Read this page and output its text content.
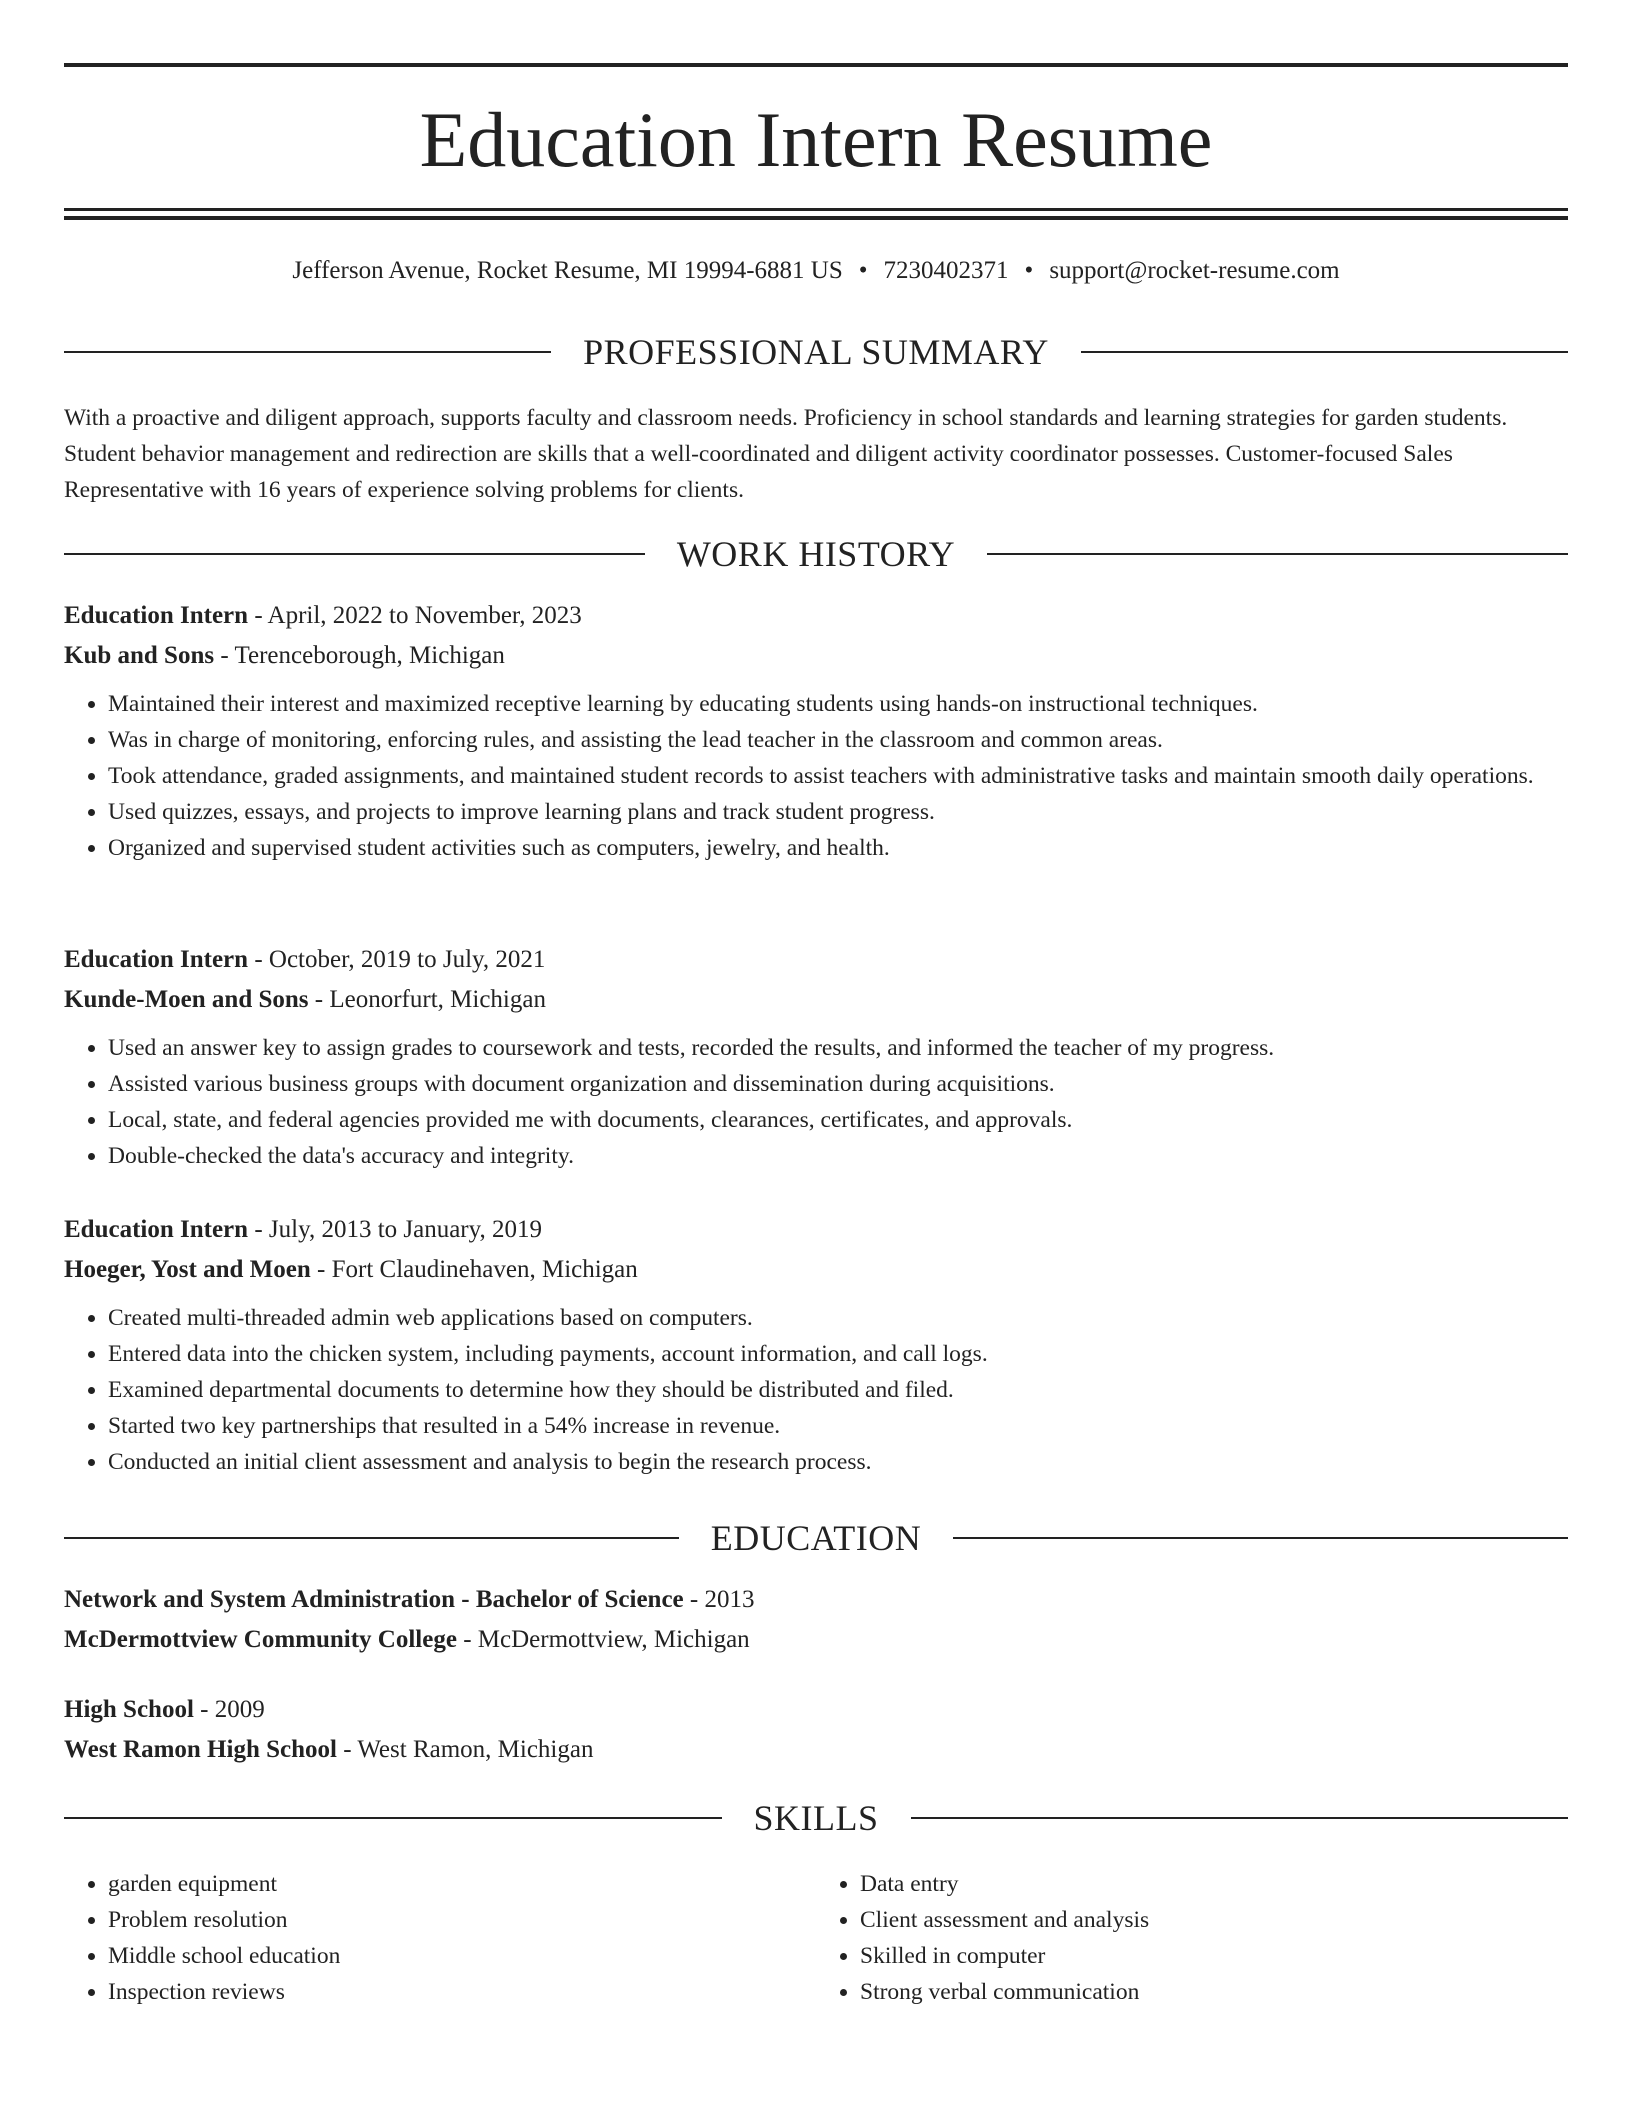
Education Intern Resume
Jefferson Avenue, Rocket Resume, MI 19994-6881 US • 7230402371 • support@rocket-resume.com
PROFESSIONAL SUMMARY
With a proactive and diligent approach, supports faculty and classroom needs. Proficiency in school standards and learning strategies for garden students. Student behavior management and redirection are skills that a well-coordinated and diligent activity coordinator possesses. Customer-focused Sales Representative with 16 years of experience solving problems for clients.
WORK HISTORY
Education Intern - April, 2022 to November, 2023
Kub and Sons - Terenceborough, Michigan
• Maintained their interest and maximized receptive learning by educating students using hands-on instructional techniques.
• Was in charge of monitoring, enforcing rules, and assisting the lead teacher in the classroom and common areas.
• Took attendance, graded assignments, and maintained student records to assist teachers with administrative tasks and maintain smooth daily operations.
• Used quizzes, essays, and projects to improve learning plans and track student progress.
• Organized and supervised student activities such as computers, jewelry, and health.
Education Intern - October, 2019 to July, 2021
Kunde-Moen and Sons - Leonorfurt, Michigan
• Used an answer key to assign grades to coursework and tests, recorded the results, and informed the teacher of my progress.
• Assisted various business groups with document organization and dissemination during acquisitions.
• Local, state, and federal agencies provided me with documents, clearances, certificates, and approvals.
• Double-checked the data's accuracy and integrity.
Education Intern - July, 2013 to January, 2019
Hoeger, Yost and Moen - Fort Claudinehaven, Michigan
• Created multi-threaded admin web applications based on computers.
• Entered data into the chicken system, including payments, account information, and call logs.
• Examined departmental documents to determine how they should be distributed and filed.
• Started two key partnerships that resulted in a 54% increase in revenue.
• Conducted an initial client assessment and analysis to begin the research process.
EDUCATION
Network and System Administration - Bachelor of Science - 2013
McDermottview Community College - McDermottview, Michigan
High School - 2009
West Ramon High School - West Ramon, Michigan
SKILLS
• garden equipment
• Problem resolution
• Middle school education
• Inspection reviews
• Data entry
• Client assessment and analysis
• Skilled in computer
• Strong verbal communication
